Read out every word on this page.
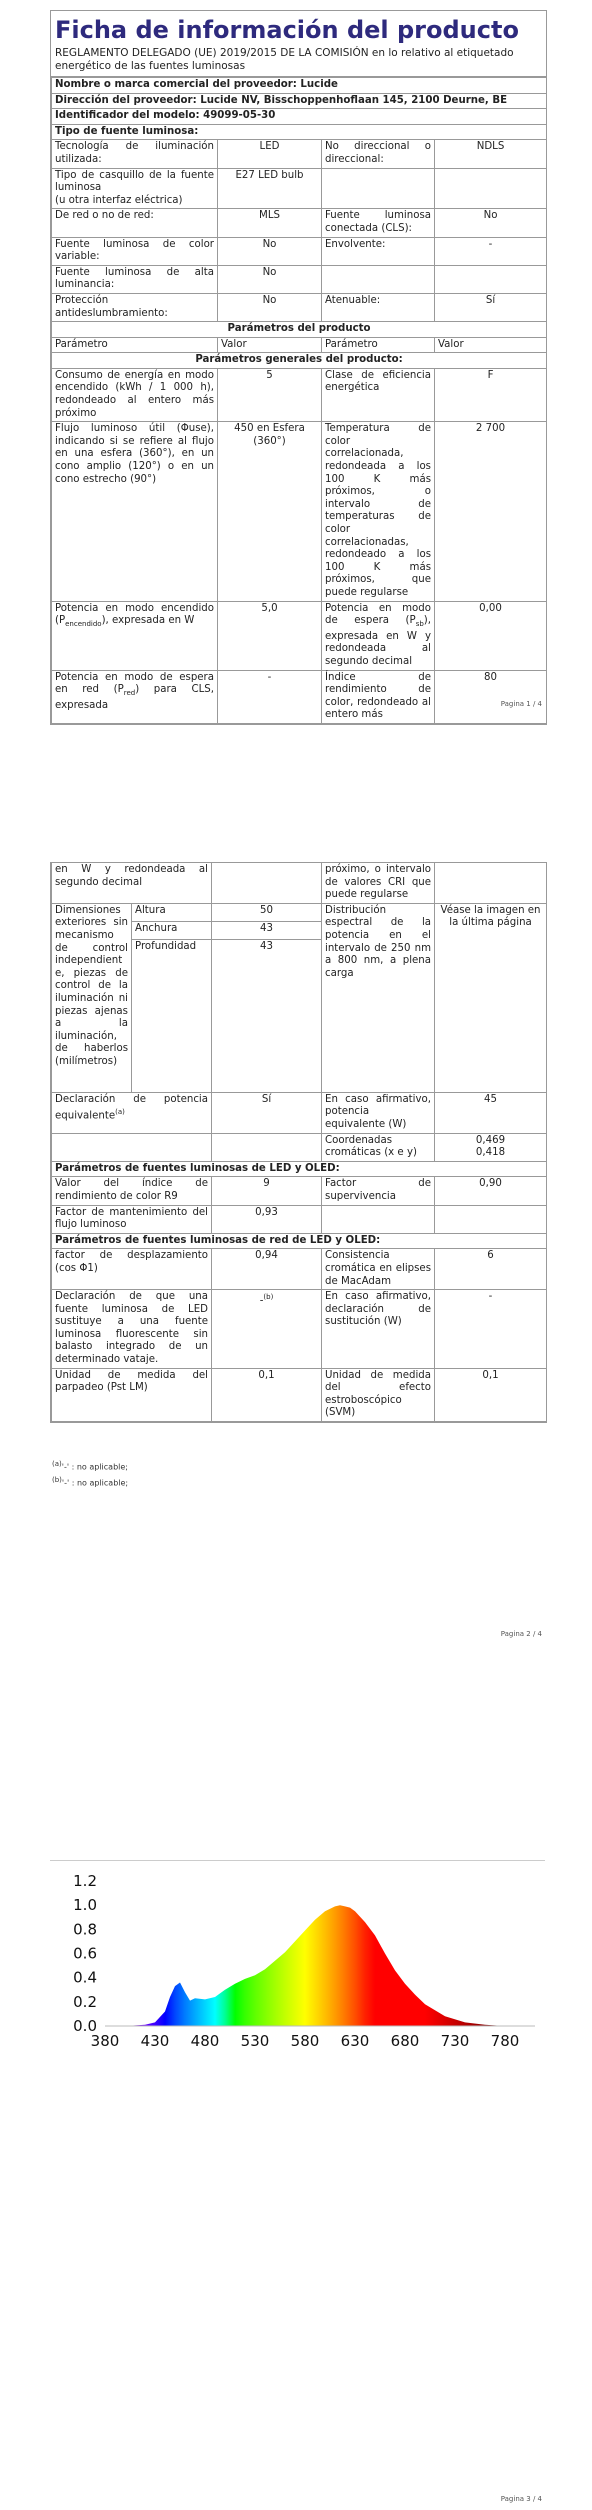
Ficha de información del producto
REGLAMENTO DELEGADO (UE) 2019/2015 DE LA COMISIÓN en lo relativo al etiquetado energético de las fuentes luminosas
Nombre o marca comercial del proveedor: Lucide			
Dirección del proveedor: Lucide NV, Bisschoppenhoflaan 145, 2100 Deurne, BE			
Identificador del modelo: 49099-05-30			
Tipo de fuente luminosa:			
Tecnología de iluminación utilizada:	LED	No direccional o direccional:	NDLS
Tipo de casquillo de la fuente luminosa
(u otra interfaz eléctrica)	E27 LED bulb		
De red o no de red:	MLS	Fuente luminosa conectada (CLS):	No
Fuente luminosa de color variable:	No	Envolvente:	-
Fuente luminosa de alta luminancia:	No		
Protección antideslumbramiento:	No	Atenuable:	Sí
Parámetros del producto			
Parámetro	Valor	Parámetro	Valor
Parámetros generales del producto:			
Consumo de energía en modo encendido (kWh / 1 000 h), redondeado al entero más próximo	5	Clase de eficiencia energética	F
Flujo luminoso útil (Φuse), indicando si se refiere al flujo en una esfera (360°), en un cono amplio (120°) o en un cono estrecho (90°)	450 en Esfera (360°)	Temperatura de color correlacionada, redondeada a los 100 K más próximos, o intervalo de temperaturas de color correlacionadas, redondeado a los 100 K más próximos, que puede regularse	2 700
Potencia en modo encendido $(P_{encendido})$, expresada en W	5,0	Potencia en modo de espera $(P_{sb})$, expresada en W y redondeada al segundo decimal	0,00
Potencia en modo de espera en red $(P_{red})$ para CLS, expresada	-	Índice de rendimiento de color, redondeado al entero más	80
Pagina 1 / 4
en W y redondeada al segundo decimal			próximo, o intervalo de valores CRI que puede regularse	
Dimensiones exteriores sin mecanismo de control independiente, piezas de control de la iluminación ni piezas ajenas a la iluminación, de haberlos (milímetros)	Altura	50	Distribución espectral de la potencia en el intervalo de 250 nm a 800 nm, a plena carga	Véase la imagen en la última página
	Anchura	43		
	Profundidad	43		
Declaración de potencia equivalente$^{(a)}$		Sí	En caso afirmativo, potencia equivalente (W)	45
			Coordenadas cromáticas (x e y)	0,469
0,418
Parámetros de fuentes luminosas de LED y OLED:				
Valor del índice de rendimiento de color R9		9	Factor de supervivencia	0,90
Factor de mantenimiento del flujo luminoso		0,93		
Parámetros de fuentes luminosas de red de LED y OLED:				
factor de desplazamiento (cos Φ1)		0,94	Consistencia cromática en elipses de MacAdam	6
Declaración de que una fuente luminosa de LED sustituye a una fuente luminosa fluorescente sin balasto integrado de un determinado vataje.		-$^{(b)}$	En caso afirmativo, declaración de sustitución (W)	-
Unidad de medida del parpadeo (Pst LM)		0,1	Unidad de medida del efecto estroboscópico (SVM)	0,1
$^{(a)}$'-' : no aplicable;
$^{(b)}$'-' : no aplicable;
Pagina 2 / 4
0.0
0.2
0.4
0.6
0.8
1.0
1.2
380 430 480 530 580 630 680 730 780
Pagina 3 / 4
